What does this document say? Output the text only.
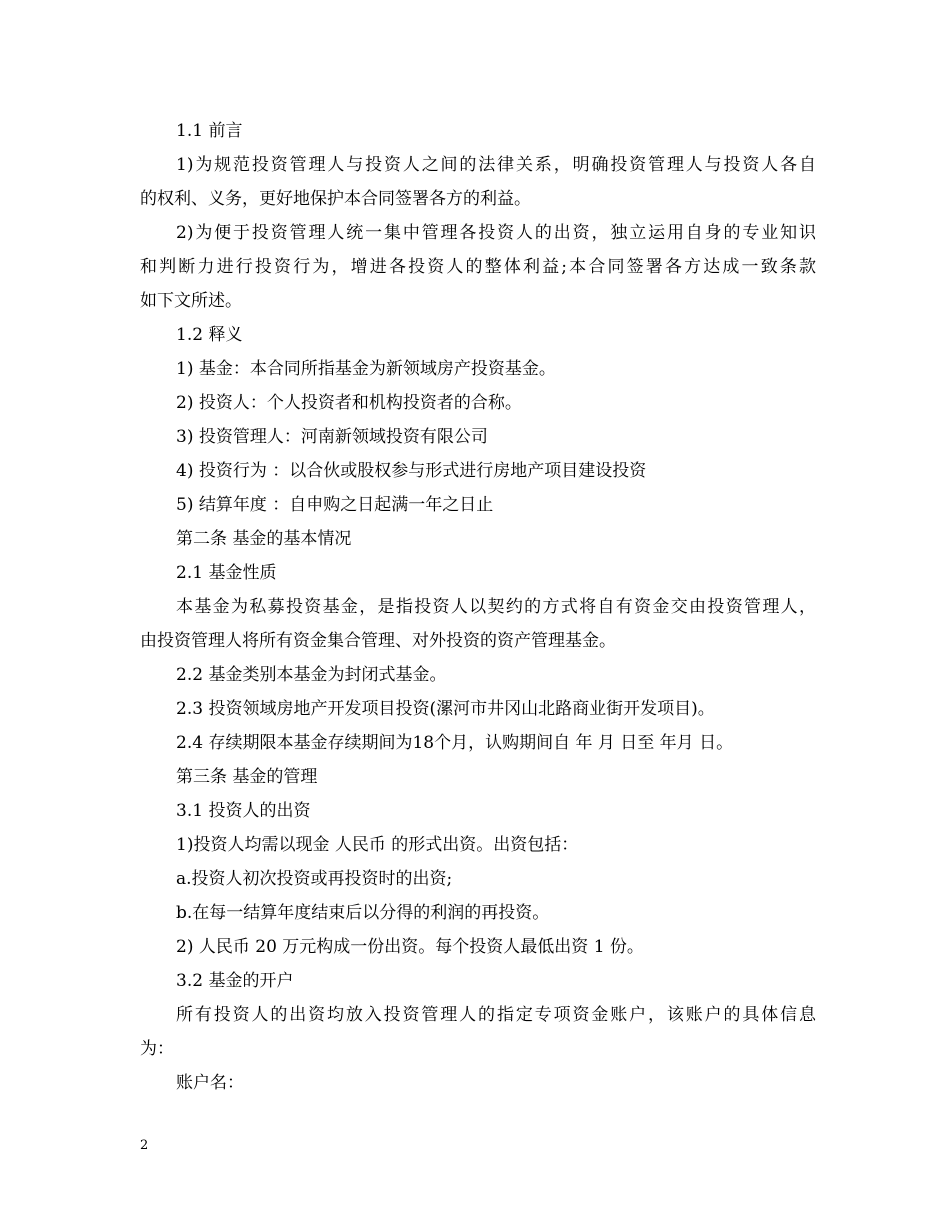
1.1 前言
1)为规范投资管理人与投资人之间的法律关系，明确投资管理人与投资人各自
的权利、义务，更好地保护本合同签署各方的利益。
2)为便于投资管理人统一集中管理各投资人的出资，独立运用自身的专业知识
和判断力进行投资行为，增进各投资人的整体利益;本合同签署各方达成一致条款
如下文所述。
1.2 释义
1) 基金：本合同所指基金为新领域房产投资基金。
2) 投资人：个人投资者和机构投资者的合称。
3) 投资管理人：河南新领域投资有限公司
4) 投资行为 ：以合伙或股权参与形式进行房地产项目建设投资
5) 结算年度 ：自申购之日起满一年之日止
第二条 基金的基本情况
2.1 基金性质
本基金为私募投资基金，是指投资人以契约的方式将自有资金交由投资管理人，
由投资管理人将所有资金集合管理、对外投资的资产管理基金。
2.2 基金类别本基金为封闭式基金。
2.3 投资领域房地产开发项目投资(漯河市井冈山北路商业街开发项目)。
2.4 存续期限本基金存续期间为18个月，认购期间自 年 月 日至 年月 日。
第三条 基金的管理
3.1 投资人的出资
1)投资人均需以现金 人民币 的形式出资。出资包括：
a.投资人初次投资或再投资时的出资;
b.在每一结算年度结束后以分得的利润的再投资。
2) 人民币 20 万元构成一份出资。每个投资人最低出资 1 份。
3.2 基金的开户
所有投资人的出资均放入投资管理人的指定专项资金账户，该账户的具体信息
为：
账户名：
2
